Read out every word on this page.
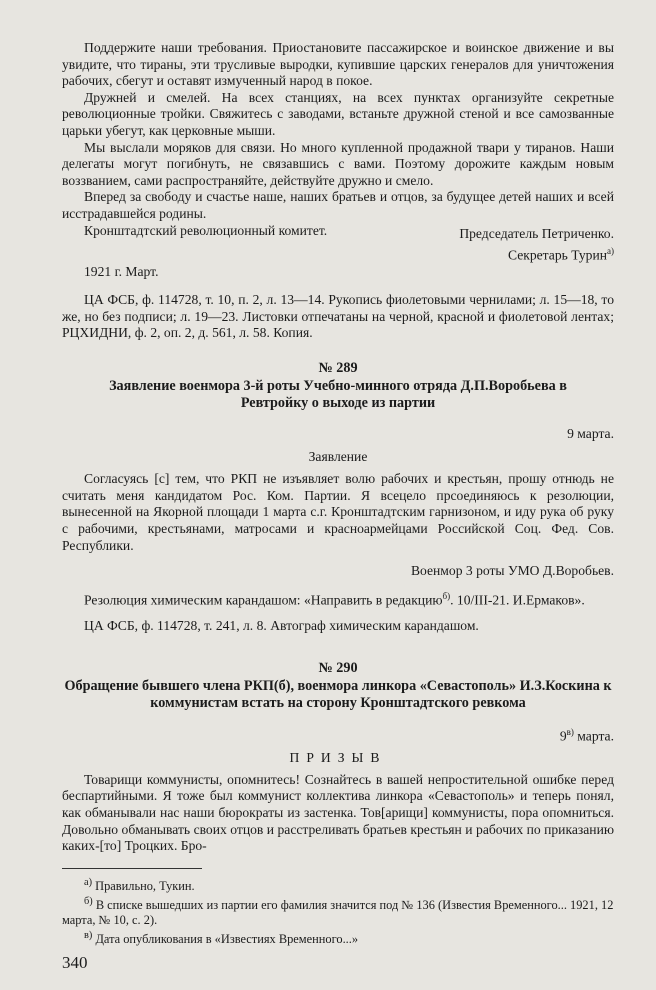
Поддержите наши требования. Приостановите пассажирское и воинское движение и вы увидите, что тираны, эти трусливые выродки, купившие царских генералов для уничтожения рабочих, сбегут и оставят измученный народ в покое.

Дружней и смелей. На всех станциях, на всех пунктах организуйте секретные революционные тройки. Свяжитесь с заводами, встаньте дружной стеной и все самозванные царьки убегут, как церковные мыши.

Мы выслали моряков для связи. Но много купленной продажной твари у тиранов. Наши делегаты могут погибнуть, не связавшись с вами. Поэтому дорожите каждым новым воззванием, сами распространяйте, действуйте дружно и смело.

Вперед за свободу и счастье наше, наших братьев и отцов, за будущее детей наших и всей исстрадавшейся родины.

Кронштадтский революционный комитет.	Председатель Петриченко.

Секретарь Турин$^{а)}$

1921 г. Март.

ЦА ФСБ, ф. 114728, т. 10, п. 2, л. 13—14. Рукопись фиолетовыми чернилами; л. 15—18, то же, но без подписи; л. 19—23. Листовки отпечатаны на черной, красной и фиолетовой лентах; РЦХИДНИ, ф. 2, оп. 2, д. 561, л. 58. Копия.

№ 289

Заявление военмора 3-й роты Учебно-минного отряда Д.П.Воробьева в Ревтройку о выходе из партии

9 марта.

Заявление

Согласуясь [с] тем, что РКП не изъявляет волю рабочих и крестьян, прошу отнюдь не считать меня кандидатом Рос. Ком. Партии. Я всецело прсоединяюсь к резолюции, вынесенной на Якорной площади 1 марта с.г. Кронштадтским гарнизоном, и иду рука об руку с рабочими, крестьянами, матросами и красноармейцами Российской Соц. Фед. Сов. Республики.

Военмор 3 роты УМО Д.Воробьев.

Резолюция химическим карандашом: «Направить в редакцию$^{б)}$. 10/III-21. И.Ермаков».

ЦА ФСБ, ф. 114728, т. 241, л. 8. Автограф химическим карандашом.

№ 290

Обращение бывшего члена РКП(б), военмора линкора «Севастополь» И.З.Коскина к коммунистам встать на сторону Кронштадтского ревкома

$9^{в)}$ марта.

ПРИЗЫВ

Товарищи коммунисты, опомнитесь! Сознайтесь в вашей непростительной ошибке перед беспартийными. Я тоже был коммунист коллектива линкора «Севастополь» и теперь понял, как обманывали нас наши бюрократы из застенка. Тов[арищи] коммунисты, пора опомниться. Довольно обманывать своих отцов и расстреливать братьев крестьян и рабочих по приказанию каких-[то] Троцких. Бро-

$^{а)}$ Правильно, Тукин.

$^{б)}$ В списке вышедших из партии его фамилия значится под № 136 (Известия Временного... 1921, 12 марта, № 10, с. 2).

$^{в)}$ Дата опубликования в «Известиях Временного...»

340
